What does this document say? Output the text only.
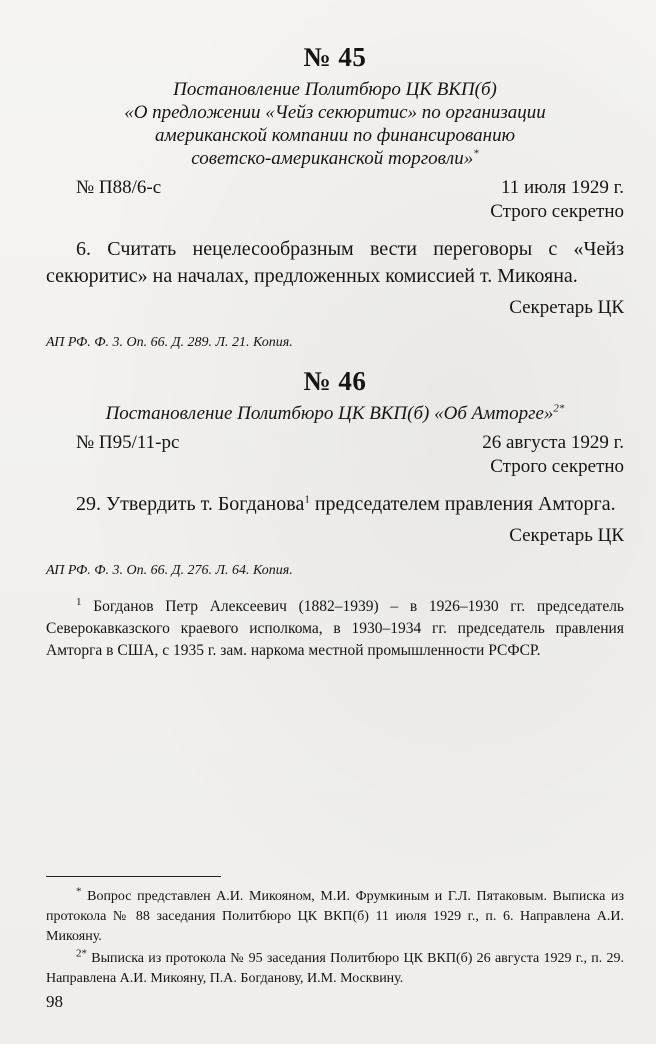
№ 45
Постановление Политбюро ЦК ВКП(б)
«О предложении «Чейз секюритис» по организации
американской компании по финансированию
советско-американской торговли»*
№ П88/6-с	11 июля 1929 г.
Строго секретно

6. Считать нецелесообразным вести переговоры с «Чейз секюритис» на началах, предложенных комиссией т. Микояна.

Секретарь ЦК
АП РФ. Ф. 3. Оп. 66. Д. 289. Л. 21. Копия.
№ 46
Постановление Политбюро ЦК ВКП(б) «Об Амторге»$^{2*}$
№ П95/11-рс	26 августа 1929 г.
Строго секретно

29. Утвердить т. Богданова$^1$ председателем правления Амторга.

Секретарь ЦК
АП РФ. Ф. 3. Оп. 66. Д. 276. Л. 64. Копия.

$^1$ Богданов Петр Алексеевич (1882–1939) – в 1926–1930 гг. председатель Северокавказского краевого исполкома, в 1930–1934 гг. председатель правления Амторга в США, с 1935 г. зам. наркома местной промышленности РСФСР.

* Вопрос представлен А.И. Микояном, М.И. Фрумкиным и Г.Л. Пятаковым. Выписка из протокола № 88 заседания Политбюро ЦК ВКП(б) 11 июля 1929 г., п. 6. Направлена А.И. Микояну.

$^{2*}$ Выписка из протокола № 95 заседания Политбюро ЦК ВКП(б) 26 августа 1929 г., п. 29. Направлена А.И. Микояну, П.А. Богданову, И.М. Москвину.

98
